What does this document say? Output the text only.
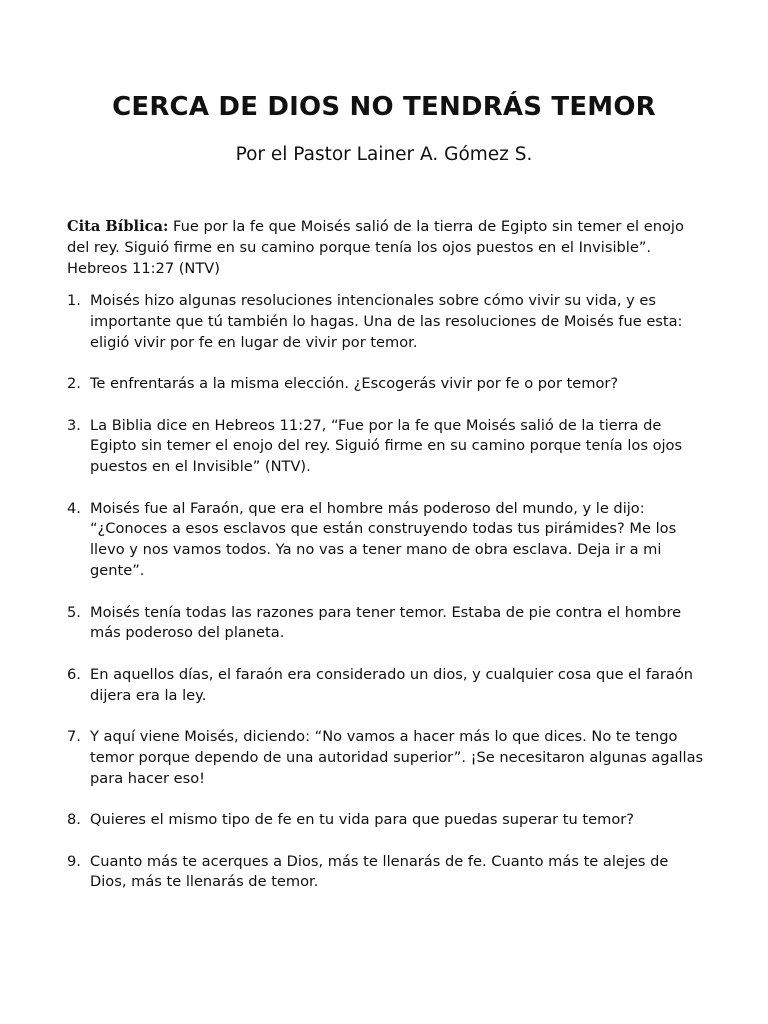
CERCA DE DIOS NO TENDRÁS TEMOR

Por el Pastor Lainer A. Gómez S.

Cita Bíblica: Fue por la fe que Moisés salió de la tierra de Egipto sin temer el enojo del rey. Siguió firme en su camino porque tenía los ojos puestos en el Invisible”. Hebreos 11:27 (NTV)

1. Moisés hizo algunas resoluciones intencionales sobre cómo vivir su vida, y es importante que tú también lo hagas. Una de las resoluciones de Moisés fue esta: eligió vivir por fe en lugar de vivir por temor.
2. Te enfrentarás a la misma elección. ¿Escogerás vivir por fe o por temor?
3. La Biblia dice en Hebreos 11:27, “Fue por la fe que Moisés salió de la tierra de Egipto sin temer el enojo del rey. Siguió firme en su camino porque tenía los ojos puestos en el Invisible” (NTV).
4. Moisés fue al Faraón, que era el hombre más poderoso del mundo, y le dijo: “¿Conoces a esos esclavos que están construyendo todas tus pirámides? Me los llevo y nos vamos todos. Ya no vas a tener mano de obra esclava. Deja ir a mi gente”.
5. Moisés tenía todas las razones para tener temor. Estaba de pie contra el hombre más poderoso del planeta.
6. En aquellos días, el faraón era considerado un dios, y cualquier cosa que el faraón dijera era la ley.
7. Y aquí viene Moisés, diciendo: “No vamos a hacer más lo que dices. No te tengo temor porque dependo de una autoridad superior”. ¡Se necesitaron algunas agallas para hacer eso!
8. Quieres el mismo tipo de fe en tu vida para que puedas superar tu temor?
9. Cuanto más te acerques a Dios, más te llenarás de fe. Cuanto más te alejes de Dios, más te llenarás de temor.
